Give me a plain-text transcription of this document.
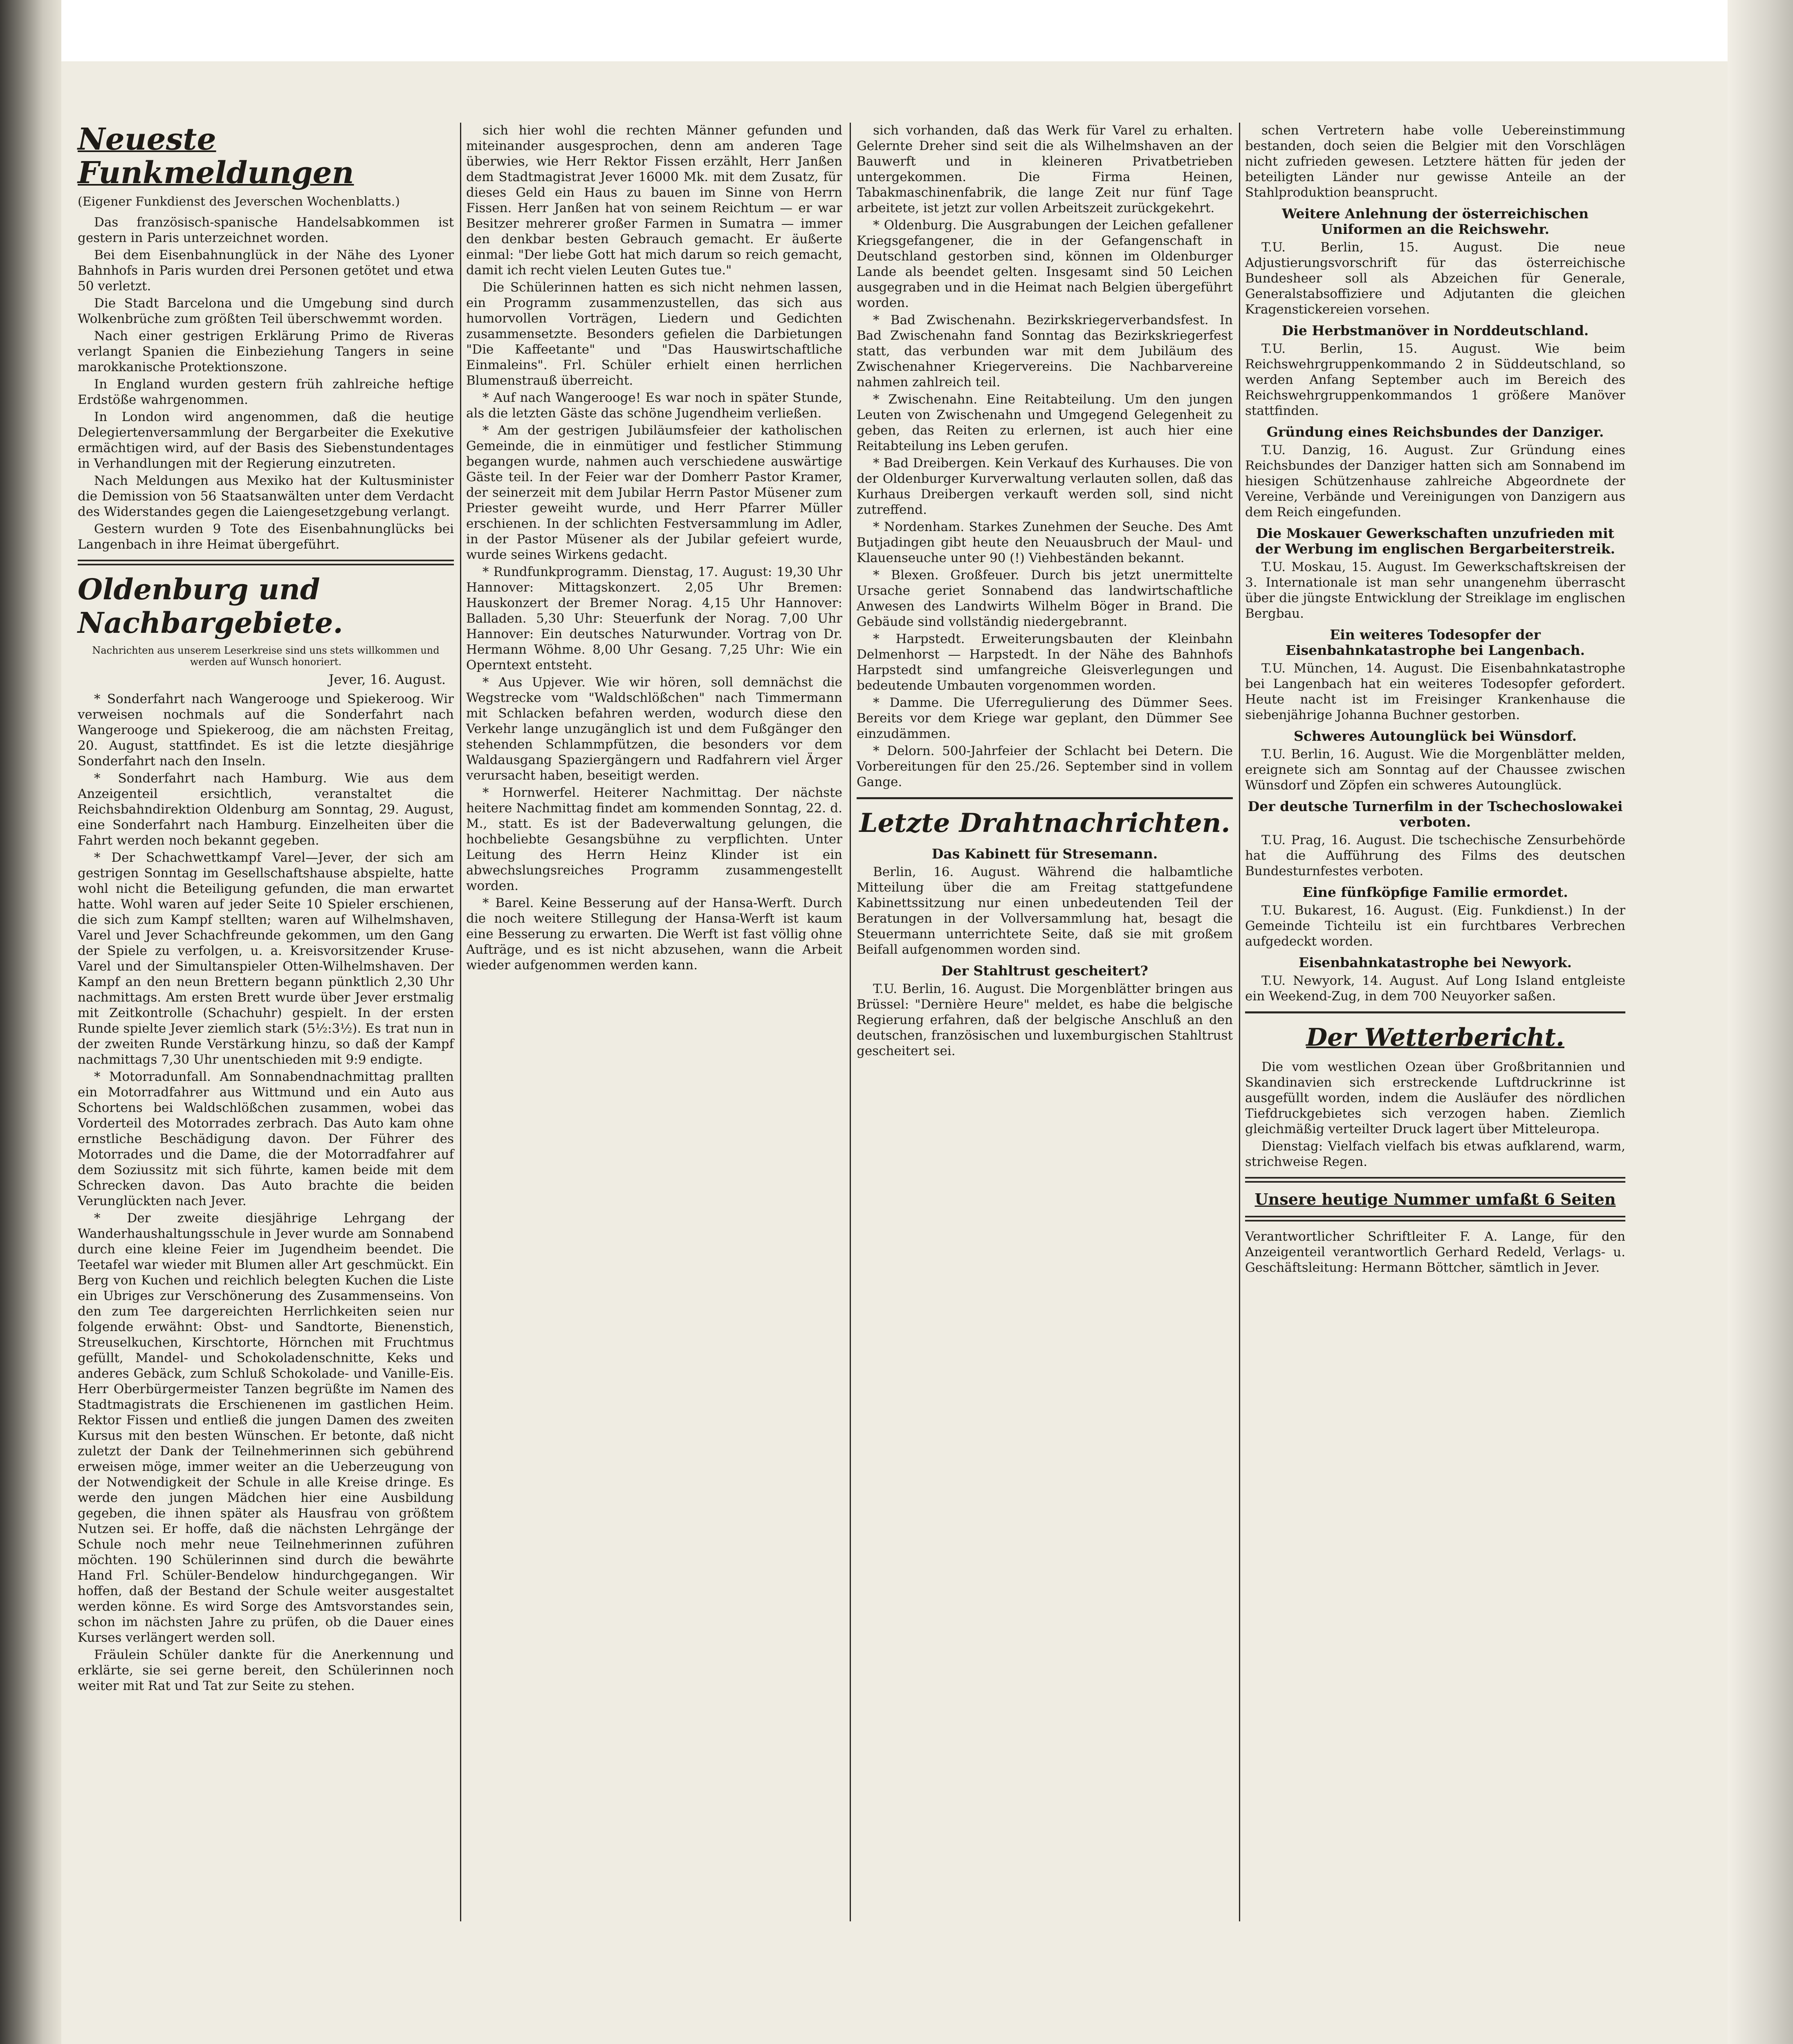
Neueste Funkmeldungen
(Eigener Funkdienst des Jeverschen Wochenblatts.)

Das französisch-spanische Handelsabkommen ist gestern in Paris unterzeichnet worden.

Bei dem Eisenbahnunglück in der Nähe des Lyoner Bahnhofs in Paris wurden drei Personen getötet und etwa 50 verletzt.

Die Stadt Barcelona und die Umgebung sind durch Wolkenbrüche zum größten Teil überschwemmt worden.

Nach einer gestrigen Erklärung Primo de Riveras verlangt Spanien die Einbeziehung Tangers in seine marokkanische Protektionszone.

In England wurden gestern früh zahlreiche heftige Erdstöße wahrgenommen.

In London wird angenommen, daß die heutige Delegiertenversammlung der Bergarbeiter die Exekutive ermächtigen wird, auf der Basis des Siebenstundentages in Verhandlungen mit der Regierung einzutreten.

Nach Meldungen aus Mexiko hat der Kultusminister die Demission von 56 Staatsanwälten unter dem Verdacht des Widerstandes gegen die Laiengesetzgebung verlangt.

Gestern wurden 9 Tote des Eisenbahnunglücks bei Langenbach in ihre Heimat übergeführt.

Oldenburg und Nachbargebiete.
Nachrichten aus unserem Leserkreise sind uns stets willkommen und werden auf Wunsch honoriert.
Jever, 16. August.

* Sonderfahrt nach Wangerooge und Spiekeroog. Wir verweisen nochmals auf die Sonderfahrt nach Wangerooge und Spiekeroog, die am nächsten Freitag, 20. August, stattfindet. Es ist die letzte diesjährige Sonderfahrt nach den Inseln.

* Sonderfahrt nach Hamburg. Wie aus dem Anzeigenteil ersichtlich, veranstaltet die Reichsbahndirektion Oldenburg am Sonntag, 29. August, eine Sonderfahrt nach Hamburg. Einzelheiten über die Fahrt werden noch bekannt gegeben.

* Der Schachwettkampf Varel—Jever, der sich am gestrigen Sonntag im Gesellschaftshause abspielte, hatte wohl nicht die Beteiligung gefunden, die man erwartet hatte. Wohl waren auf jeder Seite 10 Spieler erschienen, die sich zum Kampf stellten; waren auf Wilhelmshaven, Varel und Jever Schachfreunde gekommen, um den Gang der Spiele zu verfolgen, u. a. Kreisvorsitzender Kruse-Varel und der Simultanspieler Otten-Wilhelmshaven. Der Kampf an den neun Brettern begann pünktlich 2,30 Uhr nachmittags. Am ersten Brett wurde über Jever erstmalig mit Zeitkontrolle (Schachuhr) gespielt. In der ersten Runde spielte Jever ziemlich stark (5½:3½). Es trat nun in der zweiten Runde Verstärkung hinzu, so daß der Kampf nachmittags 7,30 Uhr unentschieden mit 9:9 endigte.

* Motorradunfall. Am Sonnabendnachmittag prallten ein Motorradfahrer aus Wittmund und ein Auto aus Schortens bei Waldschlößchen zusammen, wobei das Vorderteil des Motorrades zerbrach. Das Auto kam ohne ernstliche Beschädigung davon. Der Führer des Motorrades und die Dame, die der Motorradfahrer auf dem Soziussitz mit sich führte, kamen beide mit dem Schrecken davon. Das Auto brachte die beiden Verunglückten nach Jever.

* Der zweite diesjährige Lehrgang der Wanderhaushaltungsschule in Jever wurde am Sonnabend durch eine kleine Feier im Jugendheim beendet. Die Teetafel war wieder mit Blumen aller Art geschmückt. Ein Berg von Kuchen und reichlich belegten Kuchen die Liste ein Ubriges zur Verschönerung des Zusammenseins. Von den zum Tee dargereichten Herrlichkeiten seien nur folgende erwähnt: Obst- und Sandtorte, Bienenstich, Streuselkuchen, Kirschtorte, Hörnchen mit Fruchtmus gefüllt, Mandel- und Schokoladenschnitte, Keks und anderes Gebäck, zum Schluß Schokolade- und Vanille-Eis. Herr Oberbürgermeister Tanzen begrüßte im Namen des Stadtmagistrats die Erschienenen im gastlichen Heim. Rektor Fissen und entließ die jungen Damen des zweiten Kursus mit den besten Wünschen. Er betonte, daß nicht zuletzt der Dank der Teilnehmerinnen sich gebührend erweisen möge, immer weiter an die Ueberzeugung von der Notwendigkeit der Schule in alle Kreise dringe. Es werde den jungen Mädchen hier eine Ausbildung gegeben, die ihnen später als Hausfrau von größtem Nutzen sei. Er hoffe, daß die nächsten Lehrgänge der Schule noch mehr neue Teilnehmerinnen zuführen möchten. 190 Schülerinnen sind durch die bewährte Hand Frl. Schüler-Bendelow hindurchgegangen. Wir hoffen, daß der Bestand der Schule weiter ausgestaltet werden könne. Es wird Sorge des Amtsvorstandes sein, schon im nächsten Jahre zu prüfen, ob die Dauer eines Kurses verlängert werden soll.

Fräulein Schüler dankte für die Anerkennung und erklärte, sie sei gerne bereit, den Schülerinnen noch weiter mit Rat und Tat zur Seite zu stehen.

sich hier wohl die rechten Männer gefunden und miteinander ausgesprochen, denn am anderen Tage überwies, wie Herr Rektor Fissen erzählt, Herr Janßen dem Stadtmagistrat Jever 16000 Mk. mit dem Zusatz, für dieses Geld ein Haus zu bauen im Sinne von Herrn Fissen. Herr Janßen hat von seinem Reichtum — er war Besitzer mehrerer großer Farmen in Sumatra — immer den denkbar besten Gebrauch gemacht. Er äußerte einmal: "Der liebe Gott hat mich darum so reich gemacht, damit ich recht vielen Leuten Gutes tue."

Die Schülerinnen hatten es sich nicht nehmen lassen, ein Programm zusammenzustellen, das sich aus humorvollen Vorträgen, Liedern und Gedichten zusammensetzte. Besonders gefielen die Darbietungen "Die Kaffeetante" und "Das Hauswirtschaftliche Einmaleins". Frl. Schüler erhielt einen herrlichen Blumenstrauß überreicht.

* Auf nach Wangerooge! Es war noch in später Stunde, als die letzten Gäste das schöne Jugendheim verließen.

* Am der gestrigen Jubiläumsfeier der katholischen Gemeinde, die in einmütiger und festlicher Stimmung begangen wurde, nahmen auch verschiedene auswärtige Gäste teil. In der Feier war der Domherr Pastor Kramer, der seinerzeit mit dem Jubilar Herrn Pastor Müsener zum Priester geweiht wurde, und Herr Pfarrer Müller erschienen. In der schlichten Festversammlung im Adler, in der Pastor Müsener als der Jubilar gefeiert wurde, wurde seines Wirkens gedacht.

* Rundfunkprogramm. Dienstag, 17. August: 19,30 Uhr Hannover: Mittagskonzert. 2,05 Uhr Bremen: Hauskonzert der Bremer Norag. 4,15 Uhr Hannover: Balladen. 5,30 Uhr: Steuerfunk der Norag. 7,00 Uhr Hannover: Ein deutsches Naturwunder. Vortrag von Dr. Hermann Wöhme. 8,00 Uhr Gesang. 7,25 Uhr: Wie ein Operntext entsteht.

* Aus Upjever. Wie wir hören, soll demnächst die Wegstrecke vom "Waldschlößchen" nach Timmermann mit Schlacken befahren werden, wodurch diese den Verkehr lange unzugänglich ist und dem Fußgänger den stehenden Schlammpfützen, die besonders vor dem Waldausgang Spaziergängern und Radfahrern viel Ärger verursacht haben, beseitigt werden.

* Hornwerfel. Heiterer Nachmittag. Der nächste heitere Nachmittag findet am kommenden Sonntag, 22. d. M., statt. Es ist der Badeverwaltung gelungen, die hochbeliebte Gesangsbühne zu verpflichten. Unter Leitung des Herrn Heinz Klinder ist ein abwechslungsreiches Programm zusammengestellt worden.

* Barel. Keine Besserung auf der Hansa-Werft. Durch die noch weitere Stillegung der Hansa-Werft ist kaum eine Besserung zu erwarten. Die Werft ist fast völlig ohne Aufträge, und es ist nicht abzusehen, wann die Arbeit wieder aufgenommen werden kann.

sich vorhanden, daß das Werk für Varel zu erhalten. Gelernte Dreher sind seit die als Wilhelmshaven an der Bauwerft und in kleineren Privatbetrieben untergekommen. Die Firma Heinen, Tabakmaschinenfabrik, die lange Zeit nur fünf Tage arbeitete, ist jetzt zur vollen Arbeitszeit zurückgekehrt.

* Oldenburg. Die Ausgrabungen der Leichen gefallener Kriegsgefangener, die in der Gefangenschaft in Deutschland gestorben sind, können im Oldenburger Lande als beendet gelten. Insgesamt sind 50 Leichen ausgegraben und in die Heimat nach Belgien übergeführt worden.

* Bad Zwischenahn. Bezirkskriegerverbandsfest. In Bad Zwischenahn fand Sonntag das Bezirkskriegerfest statt, das verbunden war mit dem Jubiläum des Zwischenahner Kriegervereins. Die Nachbarvereine nahmen zahlreich teil.

* Zwischenahn. Eine Reitabteilung. Um den jungen Leuten von Zwischenahn und Umgegend Gelegenheit zu geben, das Reiten zu erlernen, ist auch hier eine Reitabteilung ins Leben gerufen.

* Bad Dreibergen. Kein Verkauf des Kurhauses. Die von der Oldenburger Kurverwaltung verlauten sollen, daß das Kurhaus Dreibergen verkauft werden soll, sind nicht zutreffend.

* Nordenham. Starkes Zunehmen der Seuche. Des Amt Butjadingen gibt heute den Neuausbruch der Maul- und Klauenseuche unter 90 (!) Viehbeständen bekannt.

* Blexen. Großfeuer. Durch bis jetzt unermittelte Ursache geriet Sonnabend das landwirtschaftliche Anwesen des Landwirts Wilhelm Böger in Brand. Die Gebäude sind vollständig niedergebrannt.

* Harpstedt. Erweiterungsbauten der Kleinbahn Delmenhorst — Harpstedt. In der Nähe des Bahnhofs Harpstedt sind umfangreiche Gleisverlegungen und bedeutende Umbauten vorgenommen worden.

* Damme. Die Uferregulierung des Dümmer Sees. Bereits vor dem Kriege war geplant, den Dümmer See einzudämmen.

* Delorn. 500-Jahrfeier der Schlacht bei Detern. Die Vorbereitungen für den 25./26. September sind in vollem Gange.

Letzte Drahtnachrichten.
Das Kabinett für Stresemann.

Berlin, 16. August. Während die halbamtliche Mitteilung über die am Freitag stattgefundene Kabinettssitzung nur einen unbedeutenden Teil der Beratungen in der Vollversammlung hat, besagt die Steuermann unterrichtete Seite, daß sie mit großem Beifall aufgenommen worden sind.

Der Stahltrust gescheitert?

T.U. Berlin, 16. August. Die Morgenblätter bringen aus Brüssel: "Dernière Heure" meldet, es habe die belgische Regierung erfahren, daß der belgische Anschluß an den deutschen, französischen und luxemburgischen Stahltrust gescheitert sei.

schen Vertretern habe volle Uebereinstimmung bestanden, doch seien die Belgier mit den Vorschlägen nicht zufrieden gewesen. Letztere hätten für jeden der beteiligten Länder nur gewisse Anteile an der Stahlproduktion beansprucht.

Weitere Anlehnung der österreichischen Uniformen an die Reichswehr.

T.U. Berlin, 15. August. Die neue Adjustierungsvorschrift für das österreichische Bundesheer soll als Abzeichen für Generale, Generalstabsoffiziere und Adjutanten die gleichen Kragenstickereien vorsehen.

Die Herbstmanöver in Norddeutschland.

T.U. Berlin, 15. August. Wie beim Reichswehrgruppenkommando 2 in Süddeutschland, so werden Anfang September auch im Bereich des Reichswehrgruppenkommandos 1 größere Manöver stattfinden.

Gründung eines Reichsbundes der Danziger.

T.U. Danzig, 16. August. Zur Gründung eines Reichsbundes der Danziger hatten sich am Sonnabend im hiesigen Schützenhause zahlreiche Abgeordnete der Vereine, Verbände und Vereinigungen von Danzigern aus dem Reich eingefunden.

Die Moskauer Gewerkschaften unzufrieden mit der Werbung im englischen Bergarbeiterstreik.

T.U. Moskau, 15. August. Im Gewerkschaftskreisen der 3. Internationale ist man sehr unangenehm überrascht über die jüngste Entwicklung der Streiklage im englischen Bergbau.

Ein weiteres Todesopfer der Eisenbahnkatastrophe bei Langenbach.

T.U. München, 14. August. Die Eisenbahnkatastrophe bei Langenbach hat ein weiteres Todesopfer gefordert. Heute nacht ist im Freisinger Krankenhause die siebenjährige Johanna Buchner gestorben.

Schweres Autounglück bei Wünsdorf.

T.U. Berlin, 16. August. Wie die Morgenblätter melden, ereignete sich am Sonntag auf der Chaussee zwischen Wünsdorf und Zöpfen ein schweres Autounglück.

Der deutsche Turnerfilm in der Tschechoslowakei verboten.

T.U. Prag, 16. August. Die tschechische Zensurbehörde hat die Aufführung des Films des deutschen Bundesturnfestes verboten.

Eine fünfköpfige Familie ermordet.

T.U. Bukarest, 16. August. (Eig. Funkdienst.) In der Gemeinde Tichteilu ist ein furchtbares Verbrechen aufgedeckt worden.

Eisenbahnkatastrophe bei Newyork.

T.U. Newyork, 14. August. Auf Long Island entgleiste ein Weekend-Zug, in dem 700 Neuyorker saßen.

Der Wetterbericht.

Die vom westlichen Ozean über Großbritannien und Skandinavien sich erstreckende Luftdruckrinne ist ausgefüllt worden, indem die Ausläufer des nördlichen Tiefdruckgebietes sich verzogen haben. Ziemlich gleichmäßig verteilter Druck lagert über Mitteleuropa.

Dienstag: Vielfach vielfach bis etwas aufklarend, warm, strichweise Regen.

Unsere heutige Nummer umfaßt 6 Seiten
Verantwortlicher Schriftleiter F. A. Lange, für den Anzeigenteil verantwortlich Gerhard Redeld, Verlags- u. Geschäftsleitung: Hermann Böttcher, sämtlich in Jever.
